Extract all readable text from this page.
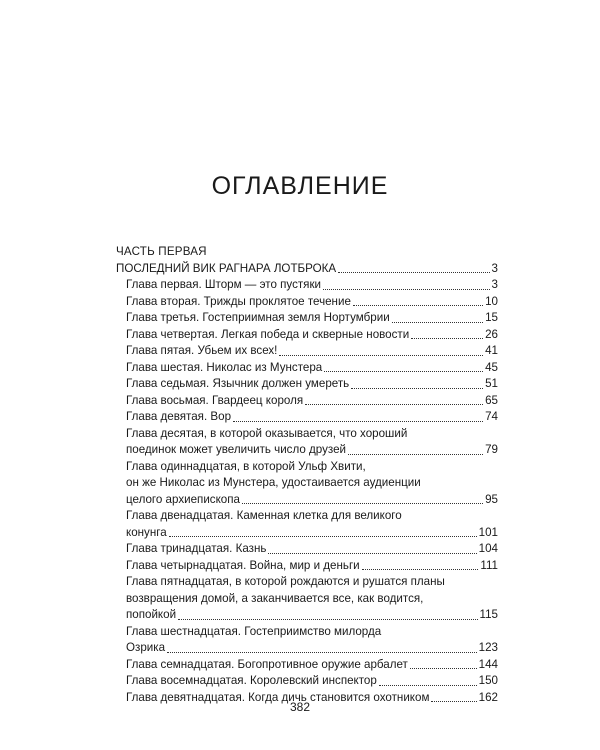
ОГЛАВЛЕНИЕ
ЧАСТЬ ПЕРВАЯ
ПОСЛЕДНИЙ ВИК РАГНАРА ЛОТБРОКА	3
Глава первая. Шторм — это пустяки	3
Глава вторая. Трижды проклятое течение	10
Глава третья. Гостеприимная земля Нортумбрии	15
Глава четвертая. Легкая победа и скверные новости	26
Глава пятая. Убьем их всех!	41
Глава шестая. Николас из Мунстера	45
Глава седьмая. Язычник должен умереть	51
Глава восьмая. Гвардеец короля	65
Глава девятая. Вор	74
Глава десятая, в которой оказывается, что хороший
поединок может увеличить число друзей	79
Глава одиннадцатая, в которой Ульф Хвити,
он же Николас из Мунстера, удостаивается аудиенции
целого архиепископа	95
Глава двенадцатая. Каменная клетка для великого
конунга	101
Глава тринадцатая. Казнь	104
Глава четырнадцатая. Война, мир и деньги	111
Глава пятнадцатая, в которой рождаются и рушатся планы
возвращения домой, а заканчивается все, как водится,
попойкой	115
Глава шестнадцатая. Гостеприимство милорда
Озрика	123
Глава семнадцатая. Богопротивное оружие арбалет	144
Глава восемнадцатая. Королевский инспектор	150
Глава девятнадцатая. Когда дичь становится охотником	162
382
